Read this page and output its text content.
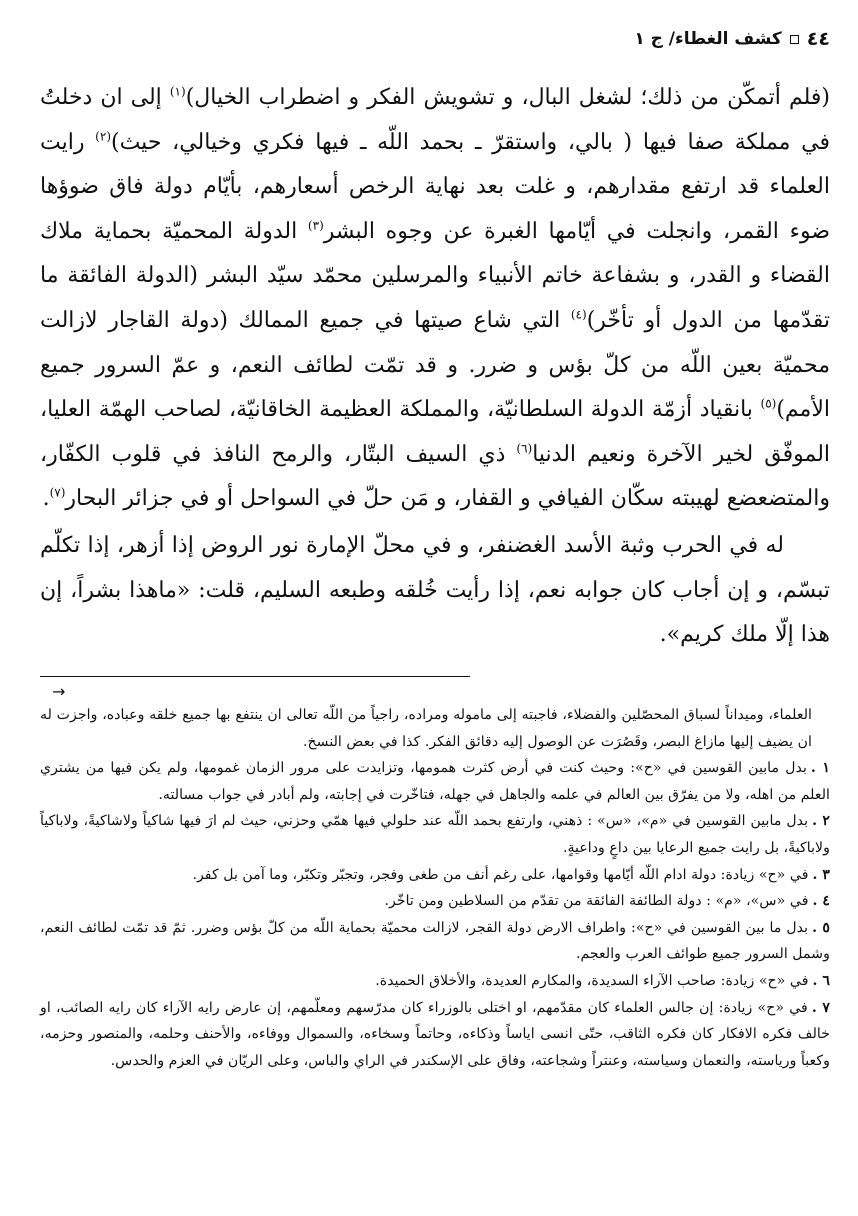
٤٤
كشف الغطاء/ ج ١

(فلم أتمكّن من ذلك؛ لشغل البال، و تشويش الفكر و اضطراب الخيال)$^{(١)}$ إلى ان دخلتُ في مملكة صفا فيها ( بالي، واستقرّ ـ بحمد اللّه ـ فيها فكري وخيالي، حيث)$^{(٢)}$ رايت العلماء قد ارتفع مقدارهم، و غلت بعد نهاية الرخص أسعارهم، بأيّام دولة فاق ضوؤها ضوء القمر، وانجلت في أيّامها الغبرة عن وجوه البشر$^{(٣)}$ الدولة المحميّة بحماية ملاك القضاء و القدر، و بشفاعة خاتم الأنبياء والمرسلين محمّد سيّد البشر (الدولة الفائقة ما تقدّمها من الدول أو تأخّر)$^{(٤)}$ التي شاع صيتها في جميع الممالك (دولة القاجار لازالت محميّة بعين اللّه من كلّ بؤس و ضرر. و قد تمّت لطائف النعم، و عمّ السرور جميع الأمم)$^{(٥)}$ بانقياد أزمّة الدولة السلطانيّة، والمملكة العظيمة الخاقانيّة، لصاحب الهمّة العليا، الموفّق لخير الآخرة ونعيم الدنيا$^{(٦)}$ ذي السيف البتّار، والرمح النافذ في قلوب الكفّار، والمتضعضع لهيبته سكّان الفيافي و القفار، و مَن حلّ في السواحل أو في جزائر البحار$^{(٧)}$.

له في الحرب وثبة الأسد الغضنفر، و في محلّ الإمارة نور الروض إذا أزهر، إذا تكلّم تبسّم، و إن أجاب كان جوابه نعم، إذا رأيت خُلقه وطبعه السليم، قلت: «ماهذا بشراً، إن هذا إلّا ملك كريم».

→

العلماء، وميداناً لسباق المحصّلين والفضلاء، فاجبته إلى ماموله ومراده، راجياً من اللّه تعالى ان ينتفع بها جميع خلقه وعباده، واجزت له ان يضيف إليها مازاغ البصر، وقَصُرَت عن الوصول إليه دقائق الفكر. كذا في بعض النسخ.

١ .بدل مابين القوسين في «ح»: وحيث كنت في أرض كثرت همومها، وتزايدت على مرور الزمان غمومها، ولم يكن فيها من يشتري العلم من اهله، ولا من يفرّق بين العالم في علمه والجاهل في جهله، فتاخّرت في إجابته، ولم أبادر في جواب مسالته.

٢ .بدل مابين القوسين في «م»، «س» : ذهني، وارتفع بحمد اللّه عند حلولي فيها همّي وحزني، حيث لم ارَ فيها شاكياً ولاشاكيةً، ولاباكياً ولاباكيةً، بل رايت جميع الرعايا بين داعٍ وداعيةٍ.

٣ .في «ح» زيادة: دولة ادام اللّه أيّامها وقوامها، على رغم أنف من طغى وفجر، وتجبّر وتكبّر، وما آمن بل كفر.

٤ .في «س»، «م» : دولة الطائفة الفائقة من تقدّم من السلاطين ومن تاخّر.

٥ .بدل ما بين القوسين في «ح»: واطراف الارض دولة القجر، لازالت محميّة بحماية اللّه من كلّ بؤس وضرر. ثمّ قد تمّت لطائف النعم، وشمل السرور جميع طوائف العرب والعجم.

٦ .في «ح» زيادة: صاحب الآراء السديدة، والمكارم العديدة، والأخلاق الحميدة.

٧ .في «ح» زيادة: إن جالس العلماء كان مقدّمهم، او اختلى بالوزراء كان مدرّسهم ومعلّمهم، إن عارض رايه الآراء كان رايه الصائب، او خالف فكره الافكار كان فكره الثاقب، حتّى انسى اياساً وذكاءه، وحاتماً وسخاءه، والسموال ووفاءه، والأحنف وحلمه، والمنصور وحزمه، وكعباً ورياسته، والنعمان وسياسته، وعنتراً وشجاعته، وفاق على الإسكندر في الراي والباس، وعلى الريّان في العزم والحدس.
